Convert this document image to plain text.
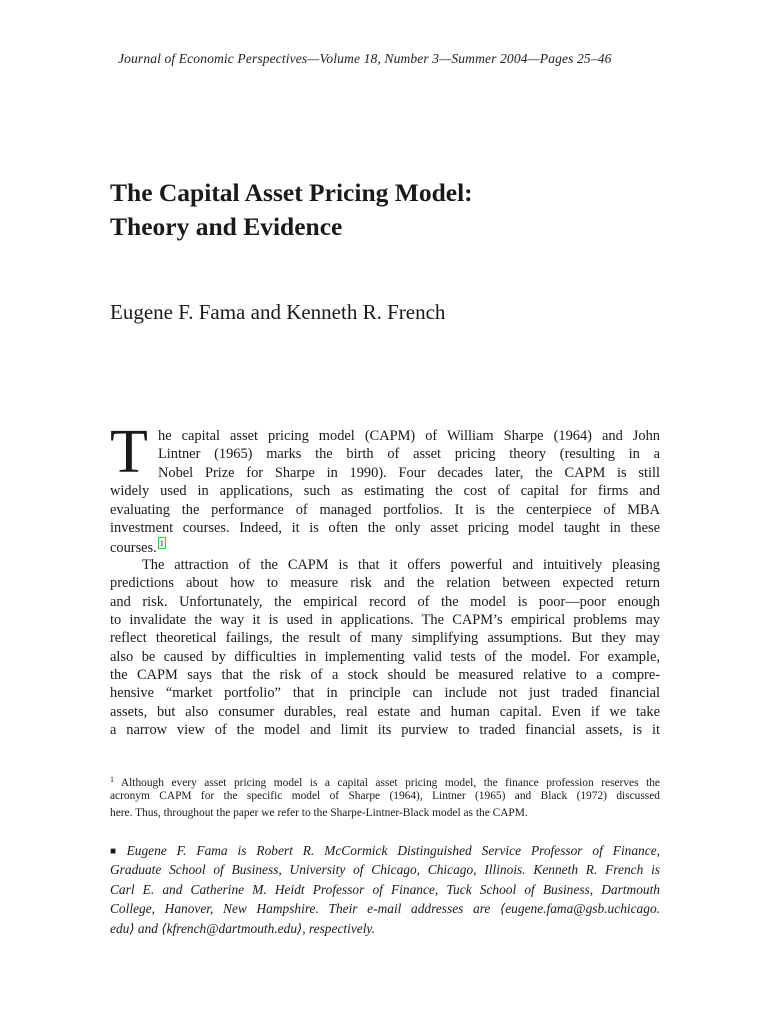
Journal of Economic Perspectives—Volume 18, Number 3—Summer 2004—Pages 25–46
The Capital Asset Pricing Model:
Theory and Evidence
Eugene F. Fama and Kenneth R. French
T he capital asset pricing model (CAPM) of William Sharpe (1964) and John
Lintner (1965) marks the birth of asset pricing theory (resulting in a
Nobel Prize for Sharpe in 1990). Four decades later, the CAPM is still
widely used in applications, such as estimating the cost of capital for firms and
evaluating the performance of managed portfolios. It is the centerpiece of MBA
investment courses. Indeed, it is often the only asset pricing model taught in these
courses. 1
The attraction of the CAPM is that it offers powerful and intuitively pleasing
predictions about how to measure risk and the relation between expected return
and risk. Unfortunately, the empirical record of the model is poor—poor enough
to invalidate the way it is used in applications. The CAPM’s empirical problems may
reflect theoretical failings, the result of many simplifying assumptions. But they may
also be caused by difficulties in implementing valid tests of the model. For example,
the CAPM says that the risk of a stock should be measured relative to a compre-
hensive “market portfolio” that in principle can include not just traded financial
assets, but also consumer durables, real estate and human capital. Even if we take
a narrow view of the model and limit its purview to traded financial assets, is it
$^1$ Although every asset pricing model is a capital asset pricing model, the finance profession reserves the
acronym CAPM for the specific model of Sharpe (1964), Lintner (1965) and Black (1972) discussed
here. Thus, throughout the paper we refer to the Sharpe-Lintner-Black model as the CAPM.
■ Eugene F. Fama is Robert R. McCormick Distinguished Service Professor of Finance,
Graduate School of Business, University of Chicago, Chicago, Illinois. Kenneth R. French is
Carl E. and Catherine M. Heidt Professor of Finance, Tuck School of Business, Dartmouth
College, Hanover, New Hampshire. Their e-mail addresses are ⟨eugene.fama@gsb.uchicago.
edu⟩ and ⟨kfrench@dartmouth.edu⟩, respectively.
